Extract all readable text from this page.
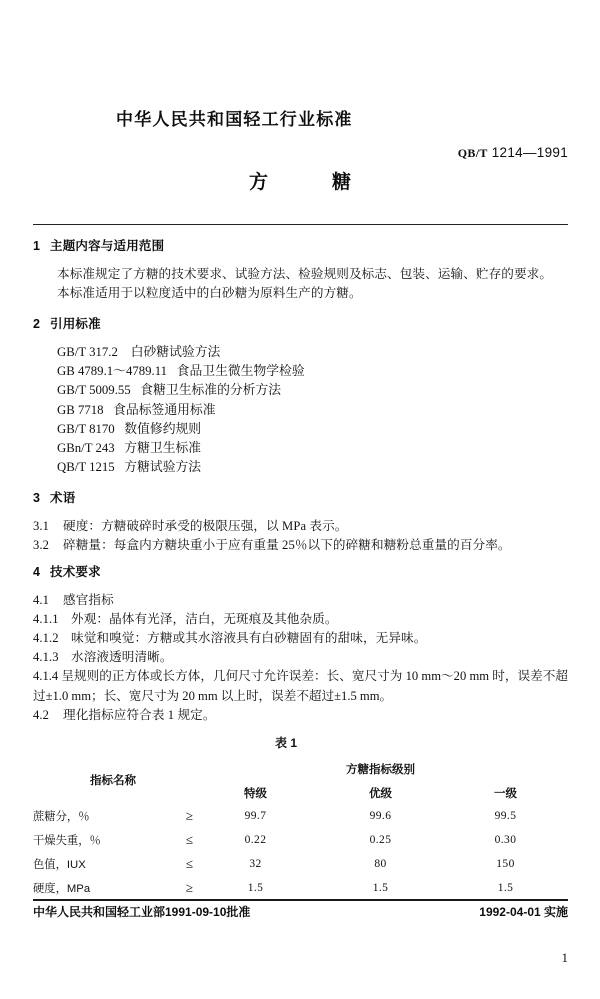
中华人民共和国轻工行业标准
QB/T 1214—1991
方	糖
1 主题内容与适用范围
本标准规定了方糖的技术要求、试验方法、检验规则及标志、包装、运输、贮存的要求。
本标准适用于以粒度适中的白砂糖为原料生产的方糖。
2 引用标准
GB/T 317.2    白砂糖试验方法
GB 4789.1～4789.11   食品卫生微生物学检验
GB/T 5009.55   食糖卫生标准的分析方法
GB 7718   食品标签通用标准
GB/T 8170   数值修约规则
GBn/T 243   方糖卫生标准
QB/T 1215   方糖试验方法
3 术语
3.1 硬度：方糖破碎时承受的极限压强，以 MPa 表示。
3.2 碎糖量：每盒内方糖块重小于应有重量 25％以下的碎糖和糖粉总重量的百分率。
4 技术要求
4.1 感官指标
4.1.1 外观：晶体有光泽，洁白，无斑痕及其他杂质。
4.1.2 味觉和嗅觉：方糖或其水溶液具有白砂糖固有的甜味，无异味。
4.1.3 水溶液透明清晰。
4.1.4 呈规则的正方体或长方体，几何尺寸允许误差：长、宽尺寸为 10 mm～20 mm 时，误差不超过±1.0 mm；长、宽尺寸为 20 mm 以上时，误差不超过±1.5 mm。
4.2 理化指标应符合表 1 规定。
表 1
指标名称	方糖指标级别		
	特级	优级	一级

蔗糖分，％ ≥	99.7	99.6	99.5

干燥失重，％ ≤	0.22	0.25	0.30

色值，IUX ≤	32	80	150

硬度，MPa ≥	1.5	1.5	1.5
中华人民共和国轻工业部1991-09-10批准	1992-04-01 实施
1
